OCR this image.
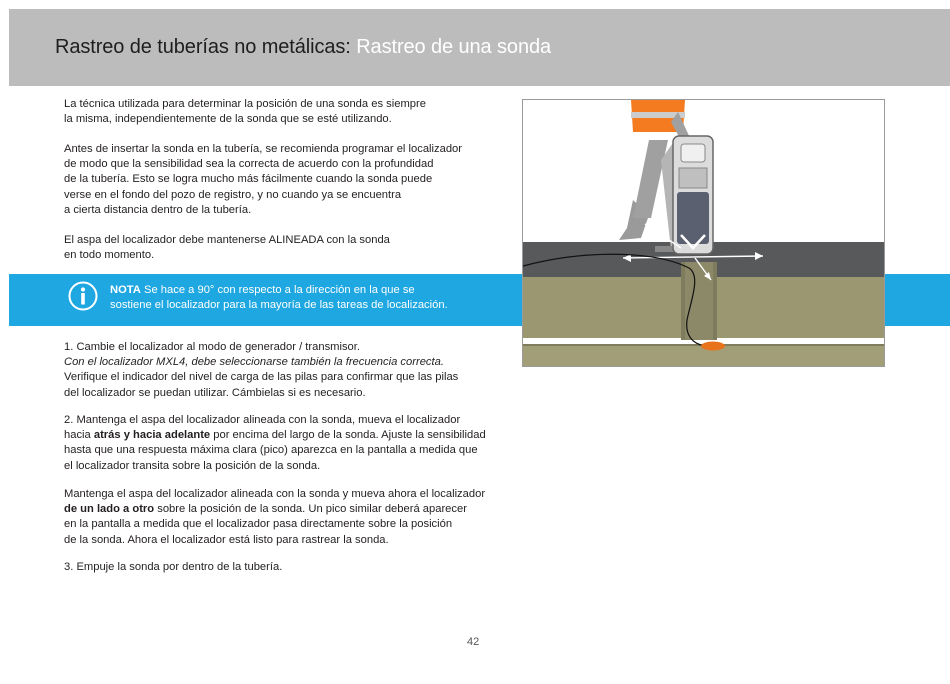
Rastreo de tuberías no metálicas: Rastreo de una sonda

La técnica utilizada para determinar la posición de una sonda es siempre

la misma, independientemente de la sonda que se esté utilizando.

Antes de insertar la sonda en la tubería, se recomienda programar el localizador

de modo que la sensibilidad sea la correcta de acuerdo con la profundidad

de la tubería. Esto se logra mucho más fácilmente cuando la sonda puede

verse en el fondo del pozo de registro, y no cuando ya se encuentra

a cierta distancia dentro de la tubería.

El aspa del localizador debe mantenerse ALINEADA con la sonda

en todo momento.

NOTA Se hace a 90° con respecto a la dirección en la que se

sostiene el localizador para la mayoría de las tareas de localización.

1. Cambie el localizador al modo de generador / transmisor.

Con el localizador MXL4, debe seleccionarse también la frecuencia correcta.

Verifique el indicador del nivel de carga de las pilas para confirmar que las pilas

del localizador se puedan utilizar. Cámbielas si es necesario.

2. Mantenga el aspa del localizador alineada con la sonda, mueva el localizador

hacia atrás y hacia adelante por encima del largo de la sonda. Ajuste la sensibilidad

hasta que una respuesta máxima clara (pico) aparezca en la pantalla a medida que

el localizador transita sobre la posición de la sonda.

Mantenga el aspa del localizador alineada con la sonda y mueva ahora el localizador

de un lado a otro sobre la posición de la sonda. Un pico similar deberá aparecer

en la pantalla a medida que el localizador pasa directamente sobre la posición

de la sonda. Ahora el localizador está listo para rastrear la sonda.

3. Empuje la sonda por dentro de la tubería.

42
